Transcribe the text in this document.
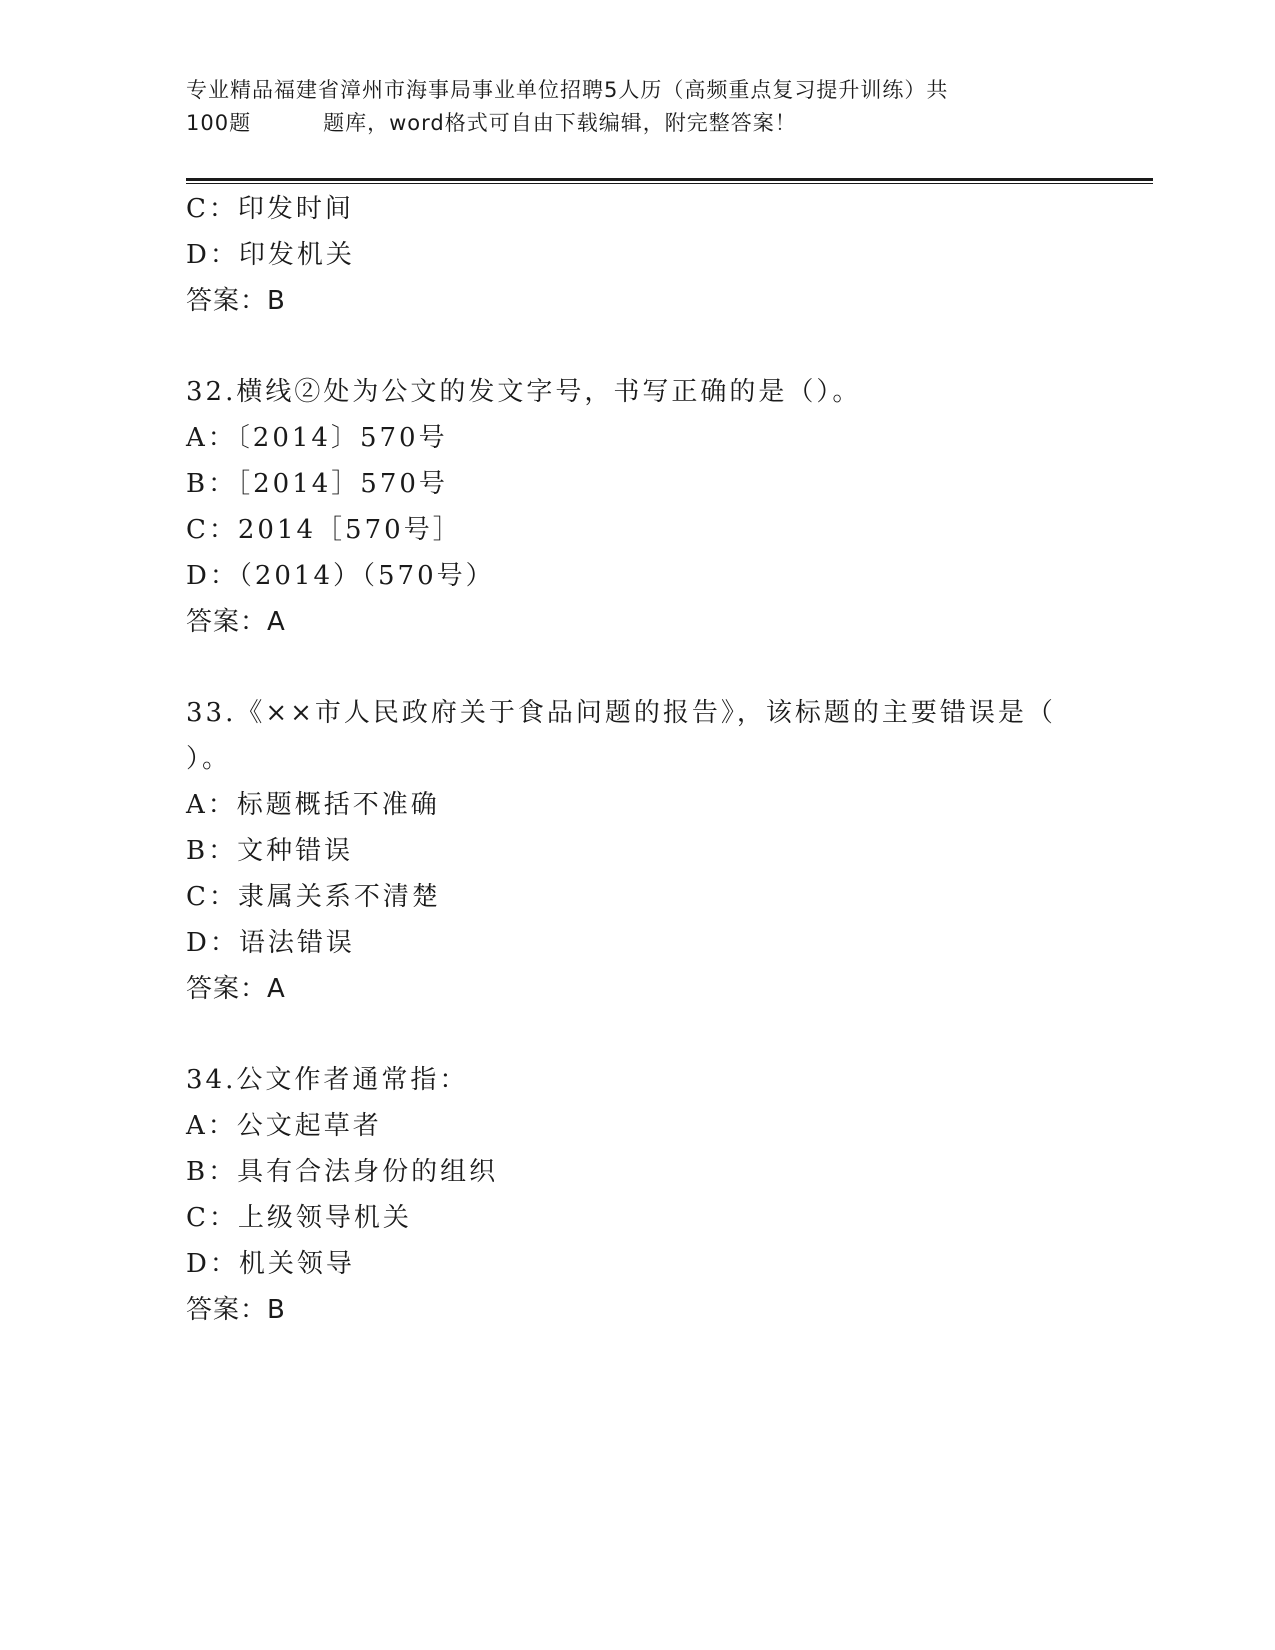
专业精品福建省漳州市海事局事业单位招聘5人历（高频重点复习提升训练）共
100题	题库，word格式可自由下载编辑，附完整答案！
C：印发时间
D：印发机关
答案：B
32.横线②处为公文的发文字号，书写正确的是（）。
A：〔2014〕570号
B：［2014］570号
C：2014［570号］
D：（2014）（570号）
答案：A
33.《××市人民政府关于食品问题的报告》，该标题的主要错误是（
）。
A：标题概括不准确
B：文种错误
C：隶属关系不清楚
D：语法错误
答案：A
34.公文作者通常指：
A：公文起草者
B：具有合法身份的组织
C：上级领导机关
D：机关领导
答案：B
